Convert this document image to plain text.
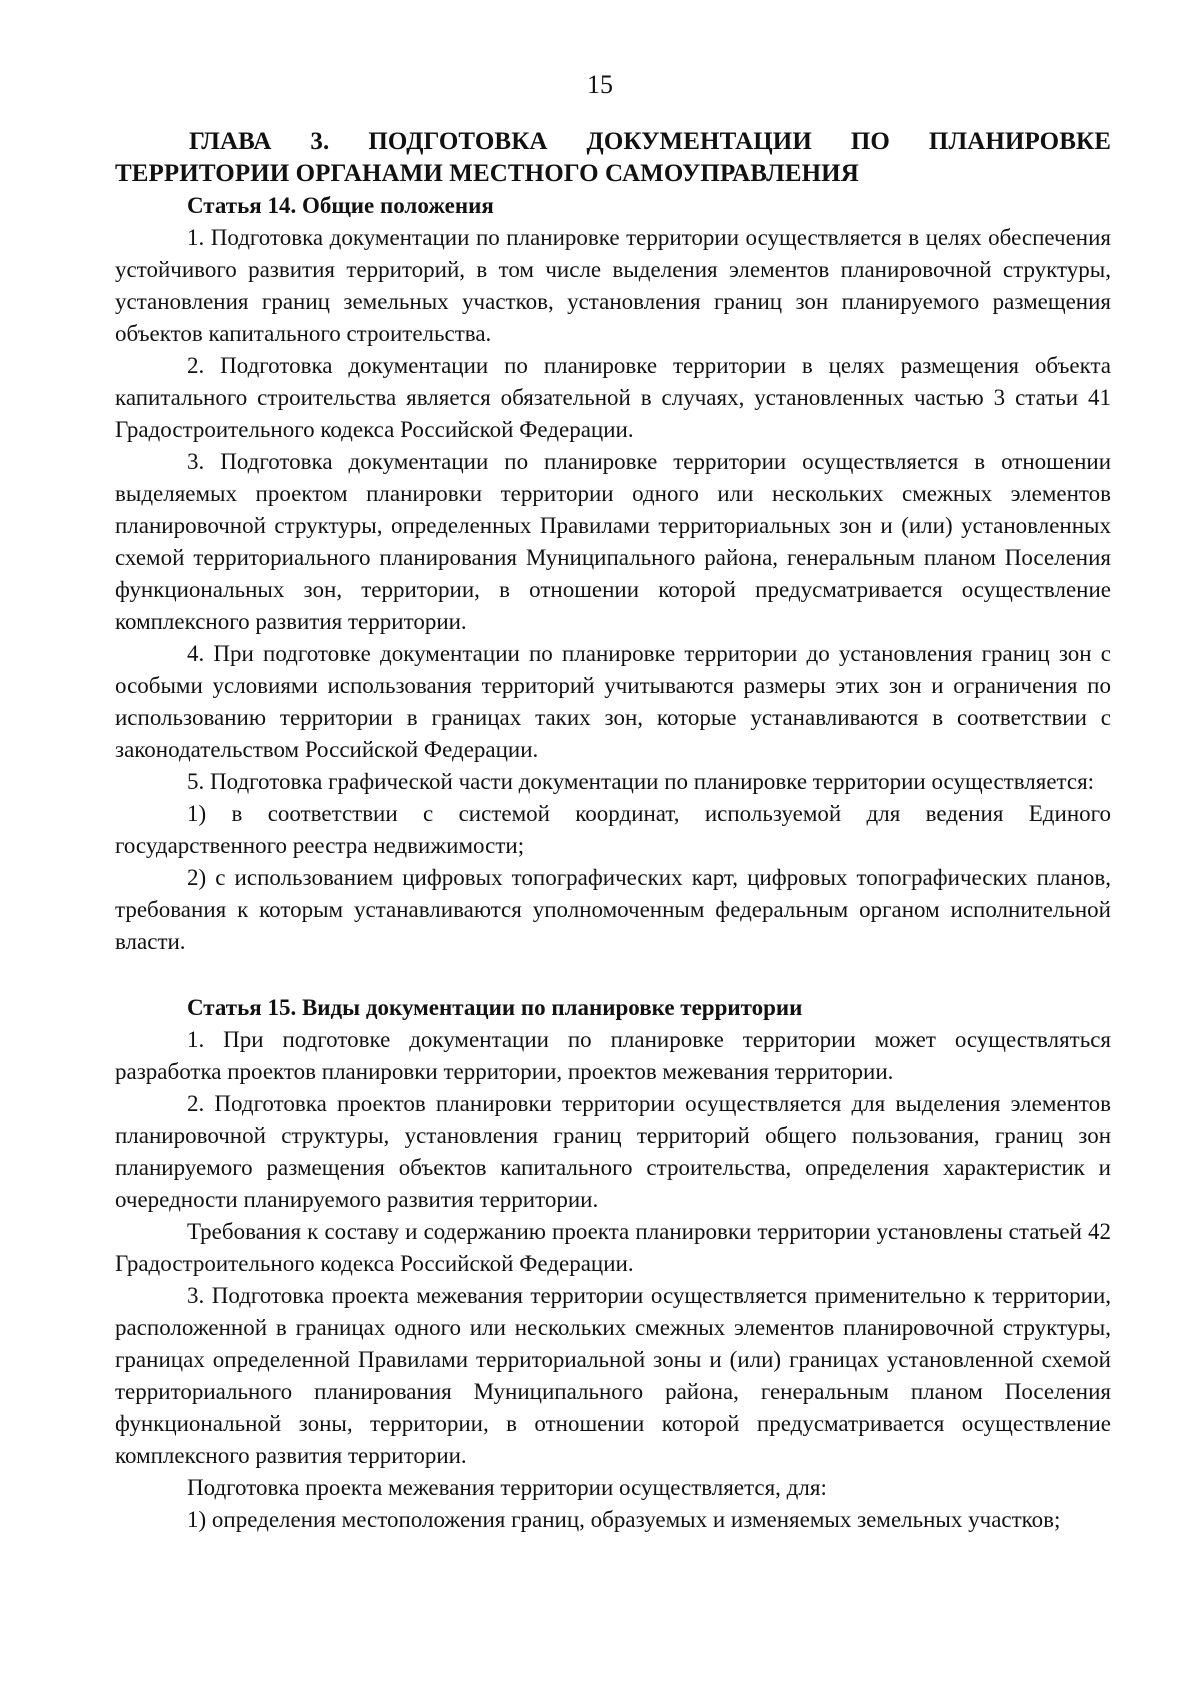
15

ГЛАВА 3. ПОДГОТОВКА ДОКУМЕНТАЦИИ ПО ПЛАНИРОВКЕ ТЕРРИТОРИИ ОРГАНАМИ МЕСТНОГО САМОУПРАВЛЕНИЯ

Статья 14. Общие положения

1. Подготовка документации по планировке территории осуществляется в целях обеспечения устойчивого развития территорий, в том числе выделения элементов планировочной структуры, установления границ земельных участков, установления границ зон планируемого размещения объектов капитального строительства.

2. Подготовка документации по планировке территории в целях размещения объекта капитального строительства является обязательной в случаях, установленных частью 3 статьи 41 Градостроительного кодекса Российской Федерации.

3. Подготовка документации по планировке территории осуществляется в отношении выделяемых проектом планировки территории одного или нескольких смежных элементов планировочной структуры, определенных Правилами территориальных зон и (или) установленных схемой территориального планирования Муниципального района, генеральным планом Поселения функциональных зон, территории, в отношении которой предусматривается осуществление комплексного развития территории.

4. При подготовке документации по планировке территории до установления границ зон с особыми условиями использования территорий учитываются размеры этих зон и ограничения по использованию территории в границах таких зон, которые устанавливаются в соответствии с законодательством Российской Федерации.

5. Подготовка графической части документации по планировке территории осуществляется:

1) в соответствии с системой координат, используемой для ведения Единого государственного реестра недвижимости;

2) с использованием цифровых топографических карт, цифровых топографических планов, требования к которым устанавливаются уполномоченным федеральным органом исполнительной власти.

Статья 15. Виды документации по планировке территории

1. При подготовке документации по планировке территории может осуществляться разработка проектов планировки территории, проектов межевания территории.

2. Подготовка проектов планировки территории осуществляется для выделения элементов планировочной структуры, установления границ территорий общего пользования, границ зон планируемого размещения объектов капитального строительства, определения характеристик и очередности планируемого развития территории.

Требования к составу и содержанию проекта планировки территории установлены статьей 42 Градостроительного кодекса Российской Федерации.

3. Подготовка проекта межевания территории осуществляется применительно к территории, расположенной в границах одного или нескольких смежных элементов планировочной структуры, границах определенной Правилами территориальной зоны и (или) границах установленной схемой территориального планирования Муниципального района, генеральным планом Поселения функциональной зоны, территории, в отношении которой предусматривается осуществление комплексного развития территории.

Подготовка проекта межевания территории осуществляется, для:

1) определения местоположения границ, образуемых и изменяемых земельных участков;
